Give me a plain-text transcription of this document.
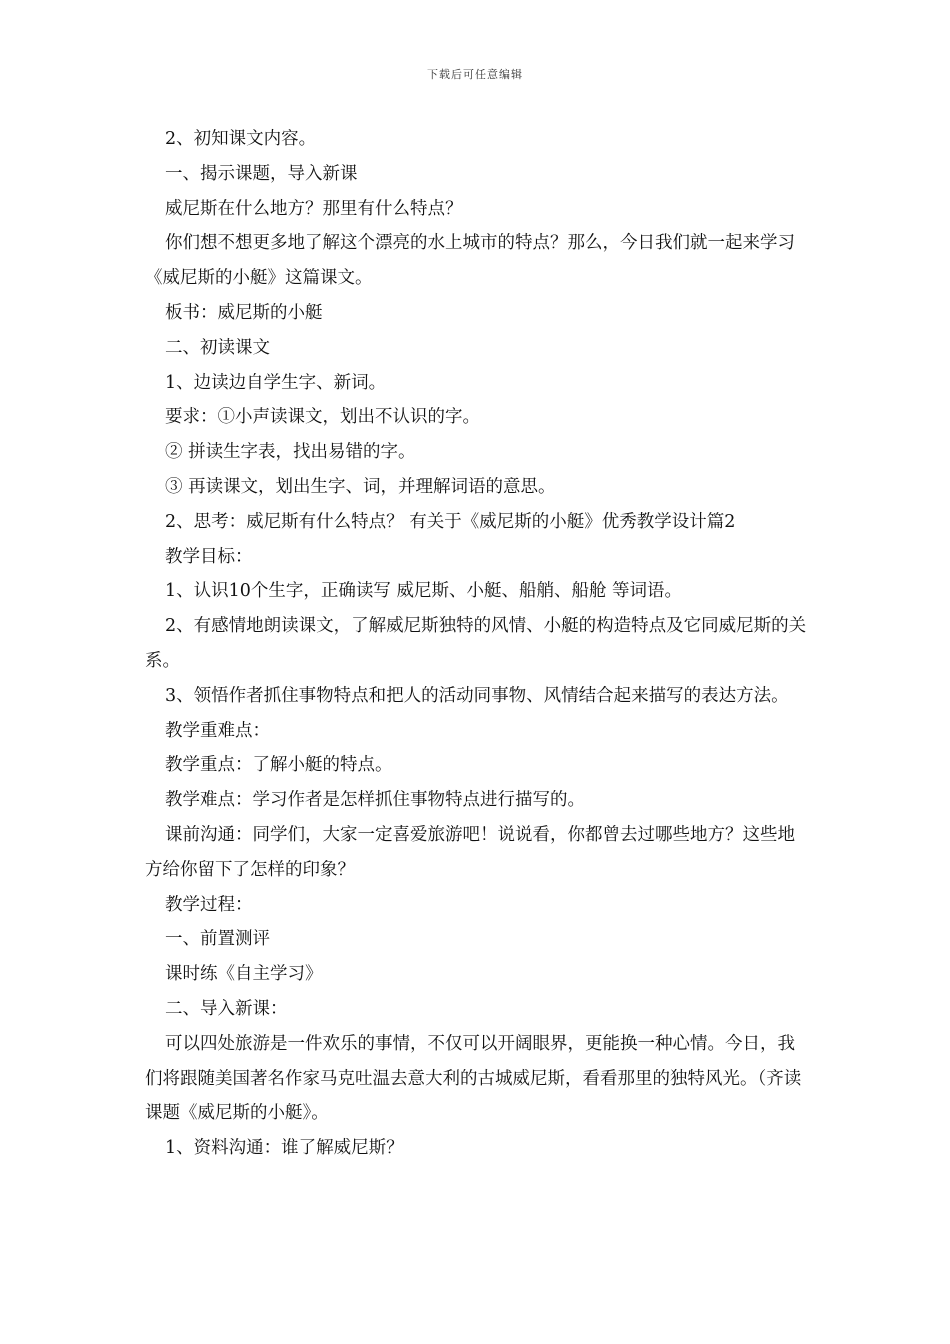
下载后可任意编辑
2、初知课文内容。
一、揭示课题，导入新课
威尼斯在什么地方？那里有什么特点？
你们想不想更多地了解这个漂亮的水上城市的特点？那么，今日我们就一起来学习《威尼斯的小艇》这篇课文。
板书：威尼斯的小艇
二、初读课文
1、边读边自学生字、新词。
要求：①小声读课文，划出不认识的字。
② 拼读生字表，找出易错的字。
③ 再读课文，划出生字、词，并理解词语的意思。
2、思考：威尼斯有什么特点？ 有关于《威尼斯的小艇》优秀教学设计篇2
教学目标：
1、认识10个生字，正确读写 威尼斯、小艇、船艄、船舱 等词语。
2、有感情地朗读课文，了解威尼斯独特的风情、小艇的构造特点及它同威尼斯的关系。
3、领悟作者抓住事物特点和把人的活动同事物、风情结合起来描写的表达方法。
教学重难点：
教学重点：了解小艇的特点。
教学难点：学习作者是怎样抓住事物特点进行描写的。
课前沟通：同学们，大家一定喜爱旅游吧！说说看，你都曾去过哪些地方？这些地方给你留下了怎样的印象？
教学过程：
一、前置测评
课时练《自主学习》
二、导入新课：
可以四处旅游是一件欢乐的事情，不仅可以开阔眼界，更能换一种心情。今日，我们将跟随美国著名作家马克吐温去意大利的古城威尼斯，看看那里的独特风光。（齐读课题《威尼斯的小艇》。
1、资料沟通：谁了解威尼斯？
